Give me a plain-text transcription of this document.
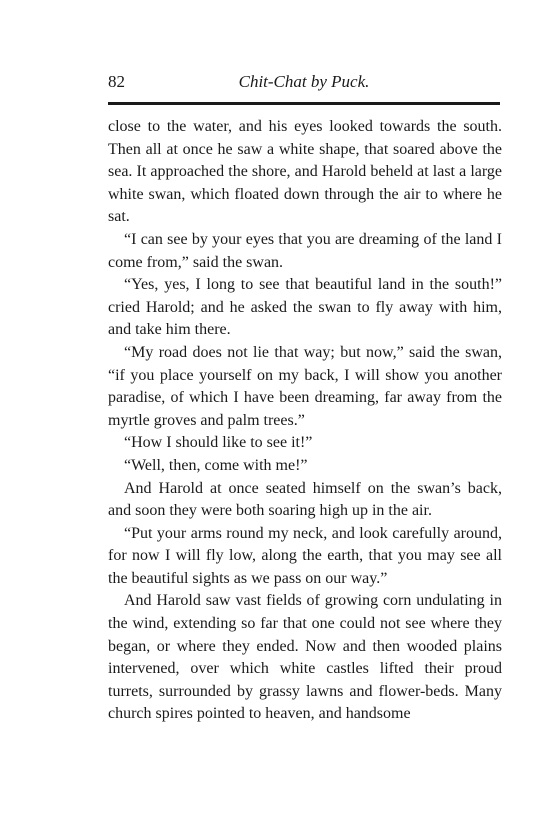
82	Chit-Chat by Puck.

close to the water, and his eyes looked towards the south. Then all at once he saw a white shape, that soared above the sea. It approached the shore, and Harold beheld at last a large white swan, which floated down through the air to where he sat.

“I can see by your eyes that you are dreaming of the land I come from,” said the swan.

“Yes, yes, I long to see that beautiful land in the south!” cried Harold; and he asked the swan to fly away with him, and take him there.

“My road does not lie that way; but now,” said the swan, “if you place yourself on my back, I will show you another paradise, of which I have been dreaming, far away from the myrtle groves and palm trees.”

“How I should like to see it!”

“Well, then, come with me!”

And Harold at once seated himself on the swan’s back, and soon they were both soaring high up in the air.

“Put your arms round my neck, and look carefully around, for now I will fly low, along the earth, that you may see all the beautiful sights as we pass on our way.”

And Harold saw vast fields of growing corn undulating in the wind, extending so far that one could not see where they began, or where they ended. Now and then wooded plains intervened, over which white castles lifted their proud turrets, surrounded by grassy lawns and flower-beds. Many church spires pointed to heaven, and handsome
